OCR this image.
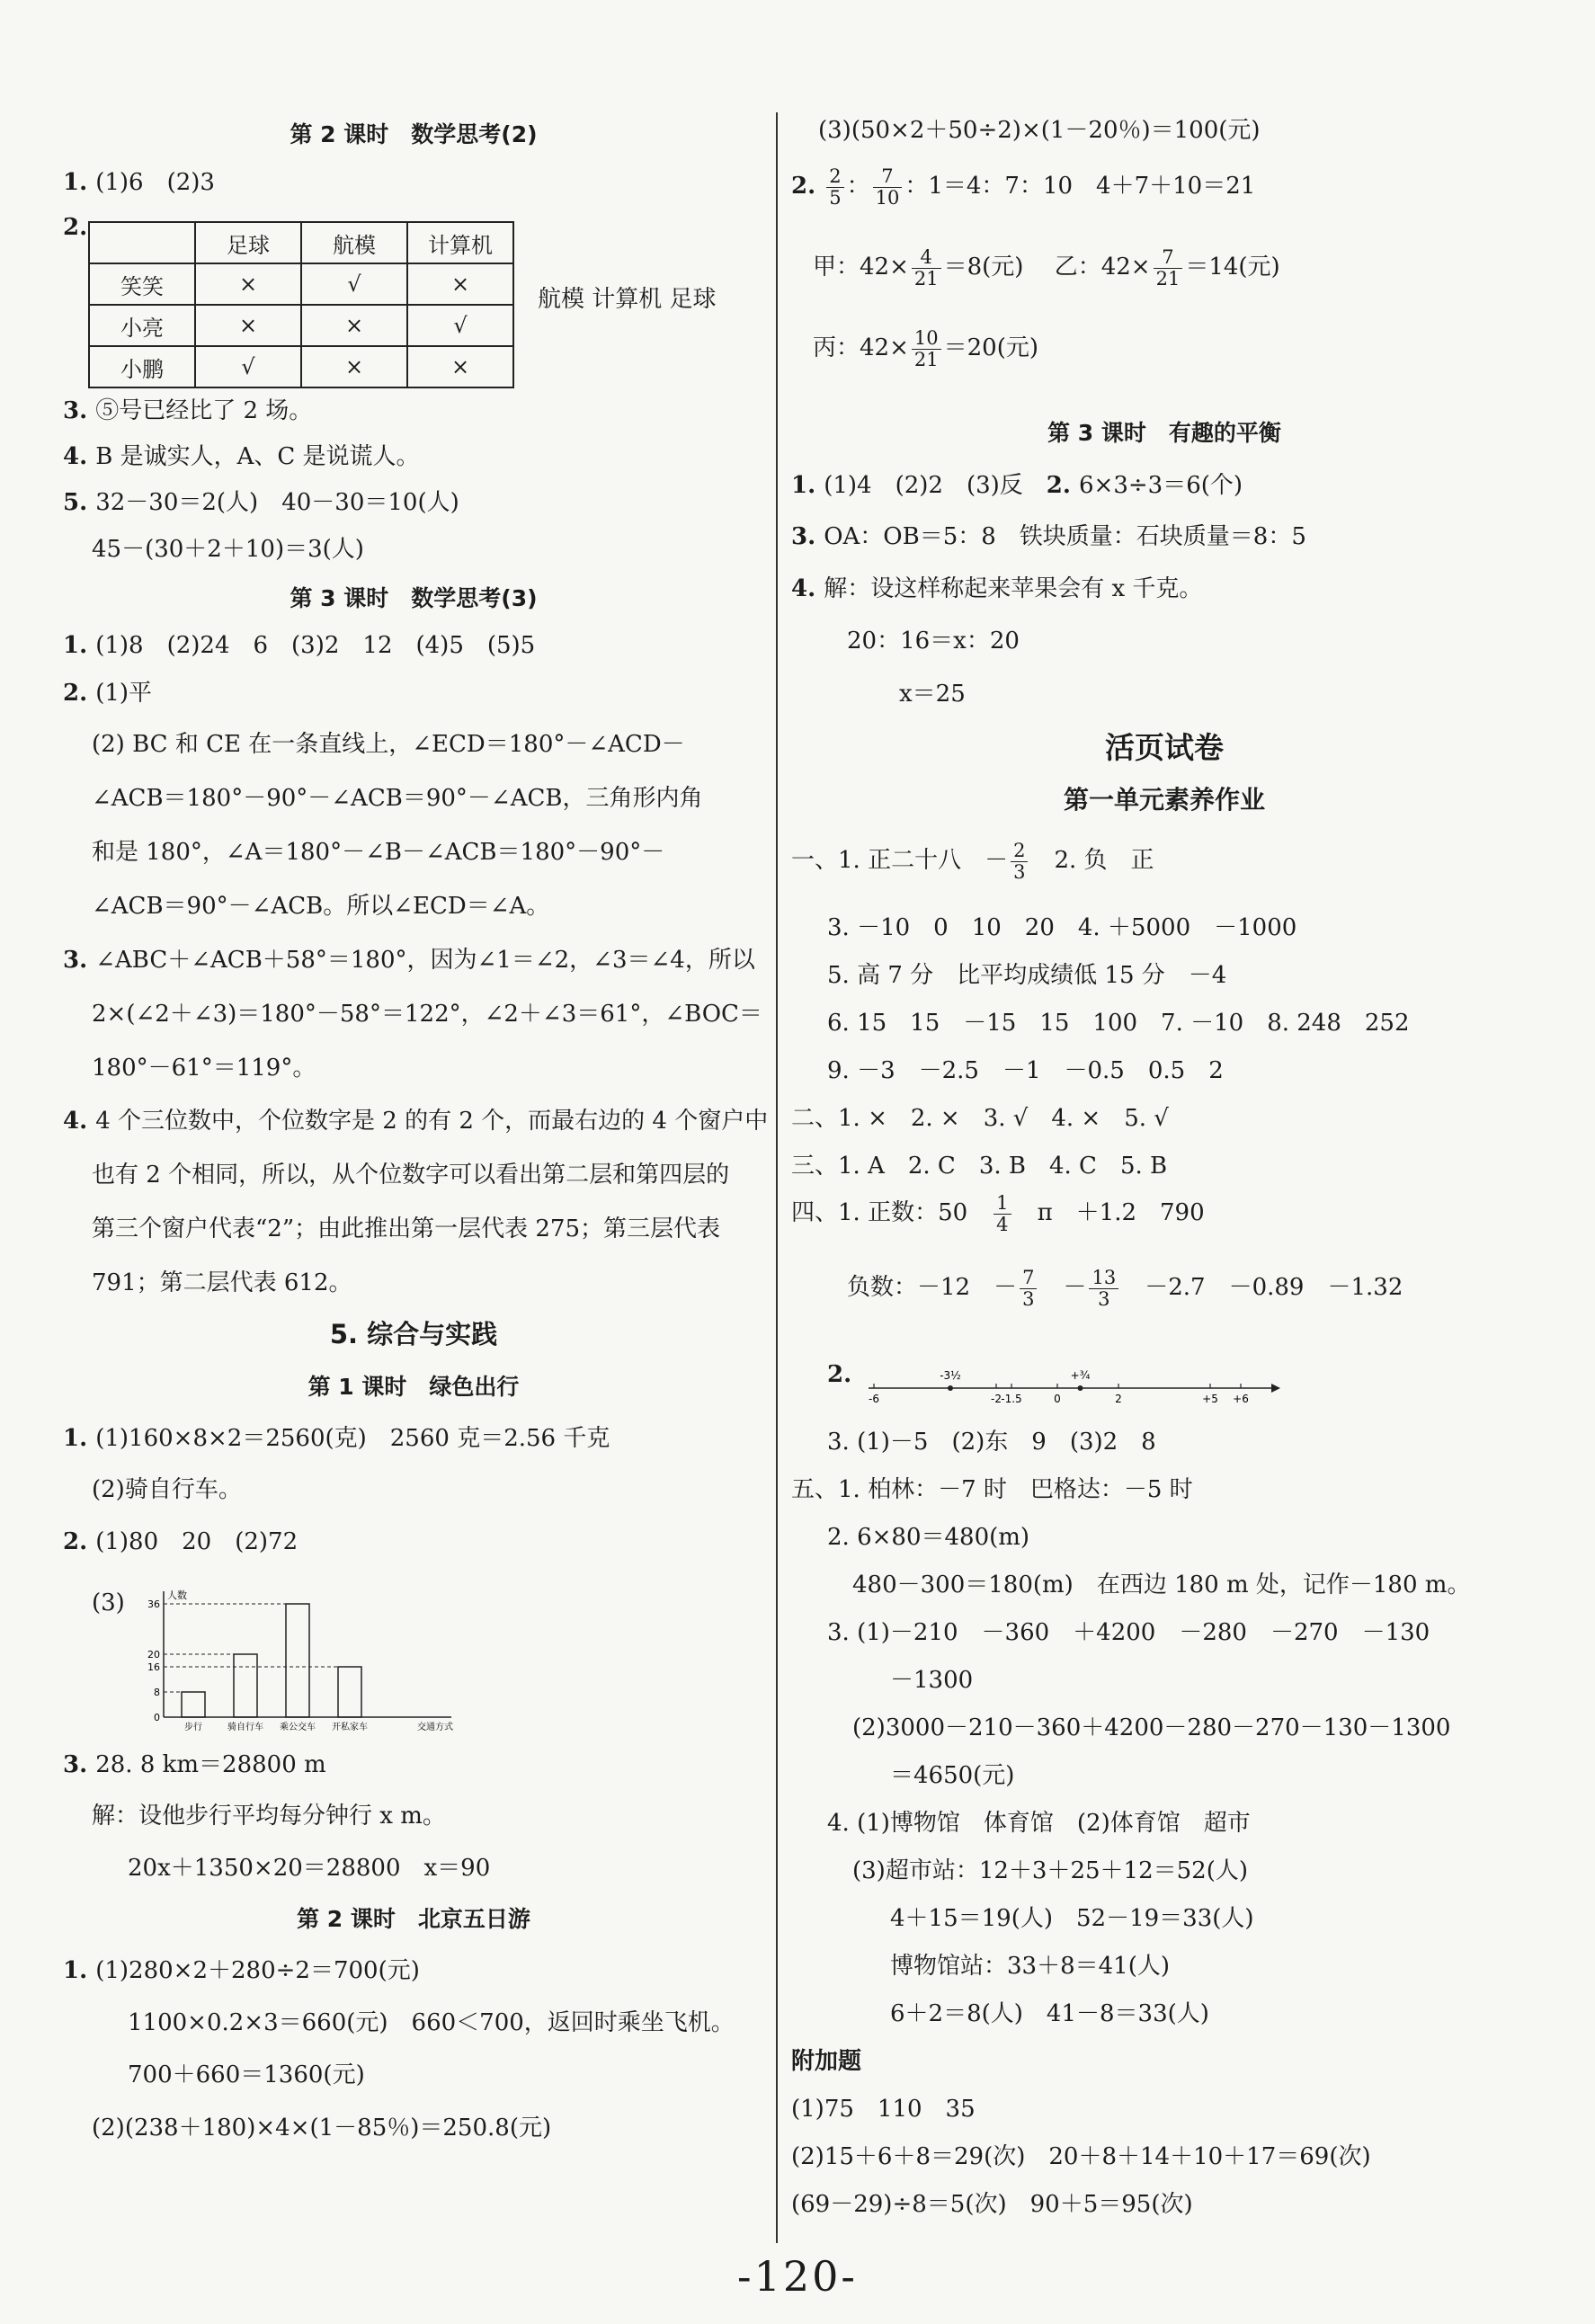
第 2 课时　数学思考(2)

1. (1)6　(2)3

2.

	足球	航模	计算机
笑笑	×	√	×
小亮	×	×	√
小鹏	√	×	×

航模 计算机 足球

3. ⑤号已经比了 2 场。

4. B 是诚实人，A、C 是说谎人。

5. 32－30＝2(人)　40－30＝10(人)

45－(30＋2＋10)＝3(人)

第 3 课时　数学思考(3)

1. (1)8　(2)24　6　(3)2　12　(4)5　(5)5

2. (1)平

(2) BC 和 CE 在一条直线上，∠ECD＝180°－∠ACD－

∠ACB＝180°－90°－∠ACB＝90°－∠ACB，三角形内角

和是 180°，∠A＝180°－∠B－∠ACB＝180°－90°－

∠ACB＝90°－∠ACB。所以∠ECD＝∠A。

3. ∠ABC＋∠ACB＋58°＝180°，因为∠1＝∠2，∠3＝∠4，所以

2×(∠2＋∠3)＝180°－58°＝122°，∠2＋∠3＝61°，∠BOC＝

180°－61°＝119°。

4. 4 个三位数中，个位数字是 2 的有 2 个，而最右边的 4 个窗户中

也有 2 个相同，所以，从个位数字可以看出第二层和第四层的

第三个窗户代表“2”；由此推出第一层代表 275；第三层代表

791；第二层代表 612。

5. 综合与实践

第 1 课时　绿色出行

1. (1)160×8×2＝2560(克)　2560 克＝2.56 千克

(2)骑自行车。

2. (1)80　20　(2)72

(3)	人数
交通方式
36
20
16
8
0
步行	骑自行车 乘公交车 开私家车

3. 28. 8 km＝28800 m

解：设他步行平均每分钟行 x m。

20x＋1350×20＝28800　x＝90

第 2 课时　北京五日游

1. (1)280×2＋280÷2＝700(元)

1100×0.2×3＝660(元)　660＜700，返回时乘坐飞机。

700＋660＝1360(元)

(2)(238＋180)×4×(1－85％)＝250.8(元)

(3)(50×2＋50÷2)×(1－20％)＝100(元)

2. $\frac{2}{5}$ ： $\frac{7}{10}$ ：1＝4：7：10　4＋7＋10＝21

甲：$42\times \frac{4}{21} =8$(元)　 乙：$42\times \frac{7}{21} =14$(元)

丙：$42\times \frac{10}{21} =20$(元)

第 3 课时　有趣的平衡

1. (1)4　(2)2　(3)反　 2. 6×3÷3＝6(个)

3. OA：OB＝5：8　铁块质量：石块质量＝8：5

4. 解：设这样称起来苹果会有 x 千克。

20：16＝x：20

x＝25

活页试卷

第一单元素养作业

一、1. 正二十八　－ $\frac{2}{3}$
　 2. 负　正

3. －10　0　10　20　4. ＋5000　－1000

5. 高 7 分　比平均成绩低 15 分　－4

6. 15　15　－15　15　100　7. －10　8. 248　252

9. －3　－2.5　－1　－0.5　0.5　2

二、1. ×　2. ×　3. √　4. ×　5. √

三、1. A　2. C　3. B　4. C　5. B

四、1. 正数：50　 $\frac{1}{4}$
　 π　＋1.2　790

负数：－12　－ $\frac{7}{3}$ 　－ $\frac{13}{3}$
　 －2.7　－0.89　－1.32

2.

-6	-2 -1.5	0	2	+5 +6
-3½	+¾

3. (1)－5　(2)东　9　(3)2　8

五、1. 柏林：－7 时　巴格达：－5 时

2. 6×80＝480(m)

480－300＝180(m)　在西边 180 m 处，记作－180 m。

3. (1)－210　－360　＋4200　－280　－270　－130

－1300

(2)3000－210－360＋4200－280－270－130－1300

＝4650(元)

4. (1)博物馆　体育馆　(2)体育馆　超市

(3)超市站：12＋3＋25＋12＝52(人)

4＋15＝19(人)　52－19＝33(人)

博物馆站：33＋8＝41(人)

6＋2＝8(人)　41－8＝33(人)

附加题

(1)75　110　35

(2)15＋6＋8＝29(次)　20＋8＋14＋10＋17＝69(次)

(69－29)÷8＝5(次)　90＋5＝95(次)

-120-
